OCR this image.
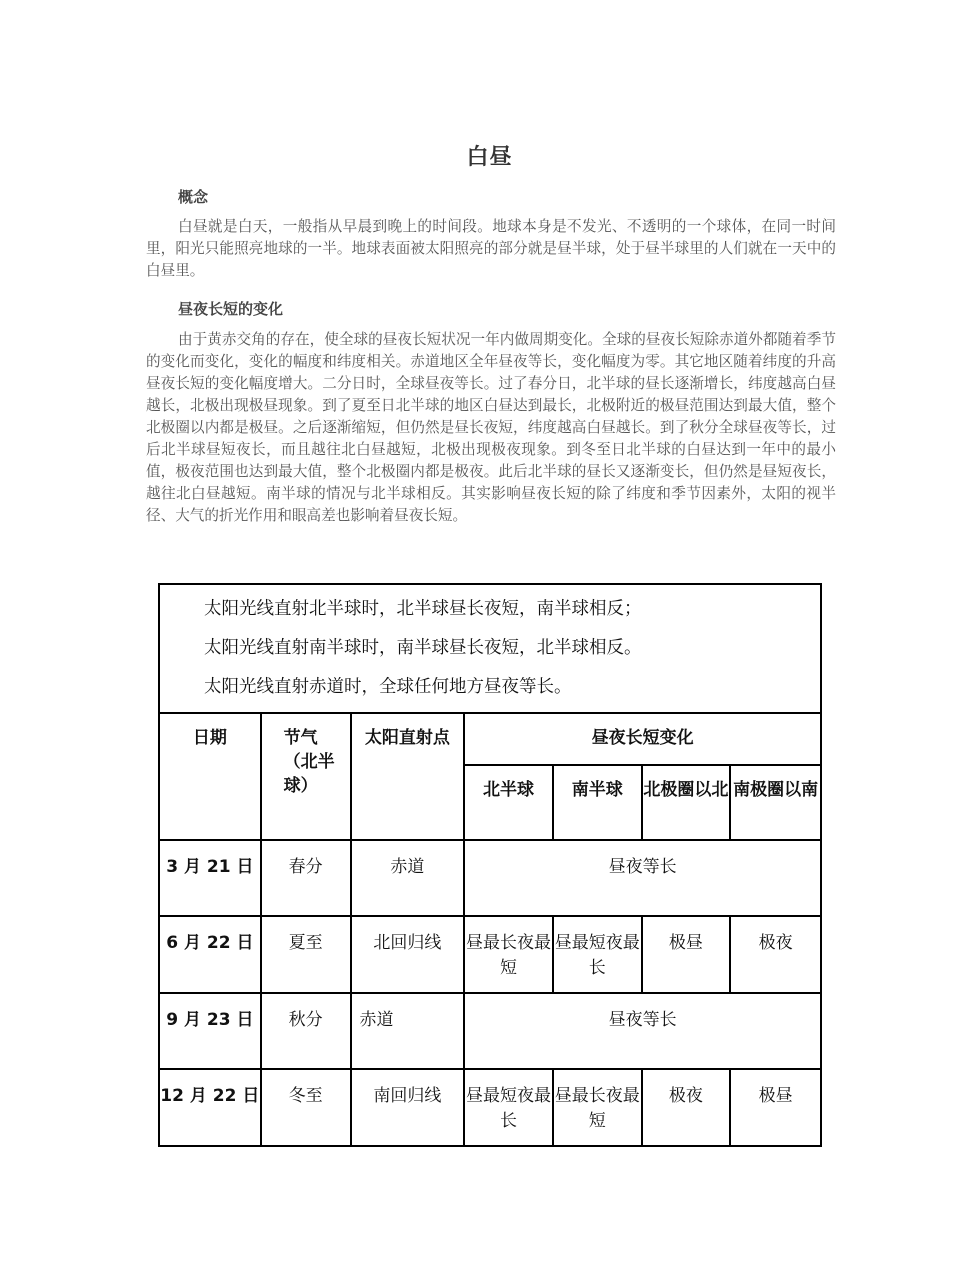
白昼
概念

白昼就是白天，一般指从早晨到晚上的时间段。地球本身是不发光、不透明的一个球体，在同一时间里，阳光只能照亮地球的一半。地球表面被太阳照亮的部分就是昼半球，处于昼半球里的人们就在一天中的白昼里。

昼夜长短的变化

由于黄赤交角的存在，使全球的昼夜长短状况一年内做周期变化。全球的昼夜长短除赤道外都随着季节的变化而变化，变化的幅度和纬度相关。赤道地区全年昼夜等长，变化幅度为零。其它地区随着纬度的升高昼夜长短的变化幅度增大。二分日时，全球昼夜等长。过了春分日，北半球的昼长逐渐增长，纬度越高白昼越长，北极出现极昼现象。到了夏至日北半球的地区白昼达到最长，北极附近的极昼范围达到最大值，整个北极圈以内都是极昼。之后逐渐缩短，但仍然是昼长夜短，纬度越高白昼越长。到了秋分全球昼夜等长，过后北半球昼短夜长，而且越往北白昼越短，北极出现极夜现象。到冬至日北半球的白昼达到一年中的最小值，极夜范围也达到最大值，整个北极圈内都是极夜。此后北半球的昼长又逐渐变长，但仍然是昼短夜长，越往北白昼越短。南半球的情况与北半球相反。其实影响昼夜长短的除了纬度和季节因素外，太阳的视半径、大气的折光作用和眼高差也影响着昼夜长短。

太阳光线直射北半球时，北半球昼长夜短，南半球相反；
太阳光线直射南半球时，南半球昼长夜短，北半球相反。
太阳光线直射赤道时，全球任何地方昼夜等长。						

日期	节气（北半球）	太阳直射点	昼夜长短变化			
			北半球	南半球	北极圈以北	南极圈以南
3 月 21 日	春分	赤道	昼夜等长			
6 月 22 日	夏至	北回归线	昼最长夜最短	昼最短夜最长	极昼	极夜
9 月 23 日	秋分	赤道	昼夜等长			
12 月 22 日	冬至	南回归线	昼最短夜最长	昼最长夜最短	极夜	极昼
